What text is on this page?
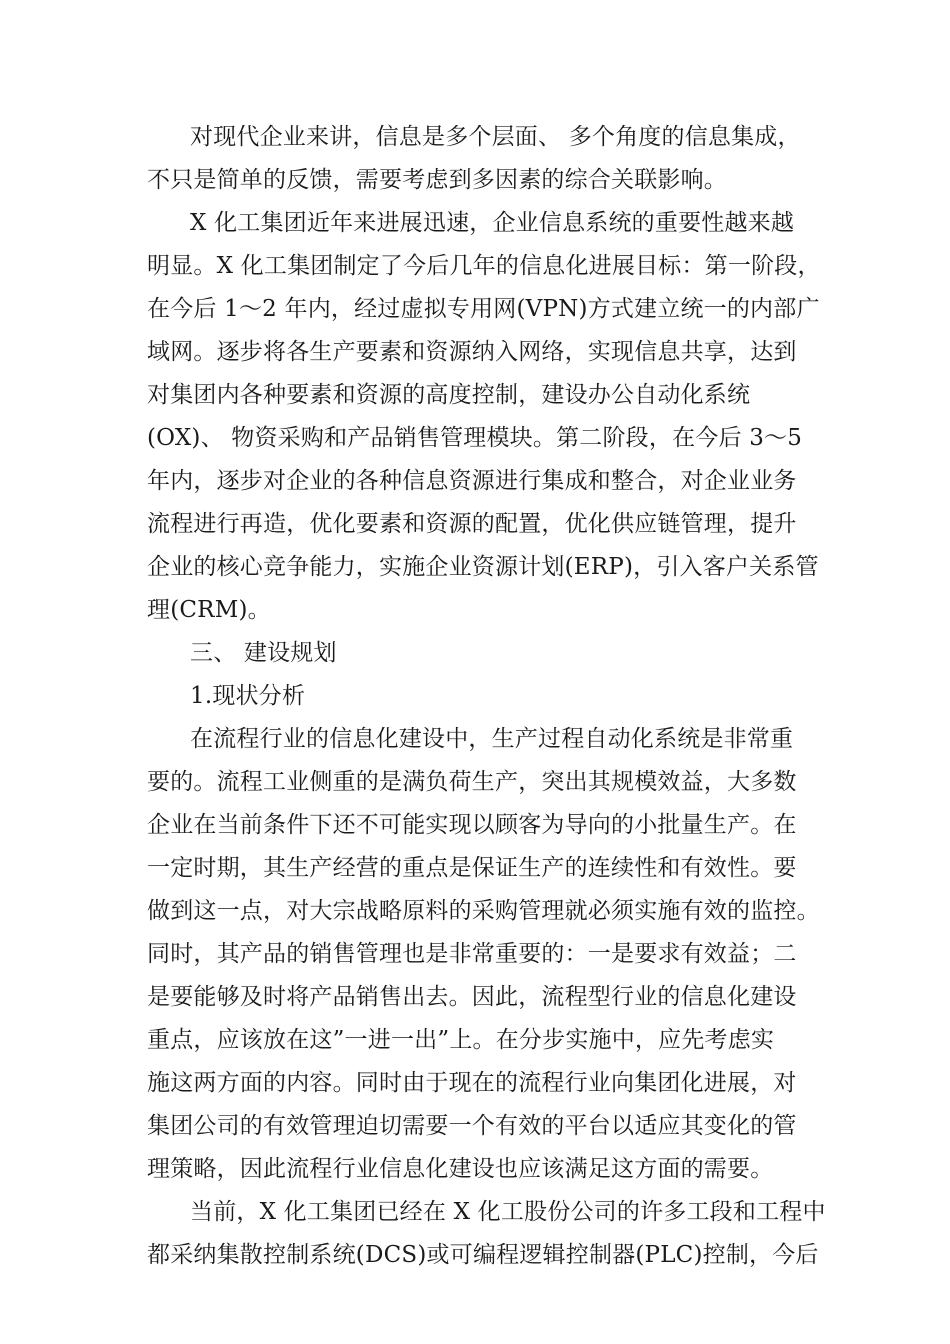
对现代企业来讲，信息是多个层面、 多个角度的信息集成，
不只是简单的反馈，需要考虑到多因素的综合关联影响。
X 化工集团近年来进展迅速，企业信息系统的重要性越来越
明显。X 化工集团制定了今后几年的信息化进展目标：第一阶段，
在今后 1～2 年内，经过虚拟专用网(VPN)方式建立统一的内部广
域网。逐步将各生产要素和资源纳入网络，实现信息共享，达到
对集团内各种要素和资源的高度控制，建设办公自动化系统
(OX)、 物资采购和产品销售管理模块。第二阶段，在今后 3～5
年内，逐步对企业的各种信息资源进行集成和整合，对企业业务
流程进行再造，优化要素和资源的配置，优化供应链管理，提升
企业的核心竞争能力，实施企业资源计划(ERP)，引入客户关系管
理(CRM)。
三、 建设规划
1.现状分析
在流程行业的信息化建设中，生产过程自动化系统是非常重
要的。流程工业侧重的是满负荷生产，突出其规模效益，大多数
企业在当前条件下还不可能实现以顾客为导向的小批量生产。在
一定时期，其生产经营的重点是保证生产的连续性和有效性。要
做到这一点，对大宗战略原料的采购管理就必须实施有效的监控。
同时，其产品的销售管理也是非常重要的：一是要求有效益；二
是要能够及时将产品销售出去。因此，流程型行业的信息化建设
重点，应该放在这”一进一出”上。在分步实施中，应先考虑实
施这两方面的内容。同时由于现在的流程行业向集团化进展，对
集团公司的有效管理迫切需要一个有效的平台以适应其变化的管
理策略，因此流程行业信息化建设也应该满足这方面的需要。
当前，X 化工集团已经在 X 化工股份公司的许多工段和工程中
都采纳集散控制系统(DCS)或可编程逻辑控制器(PLC)控制，今后
